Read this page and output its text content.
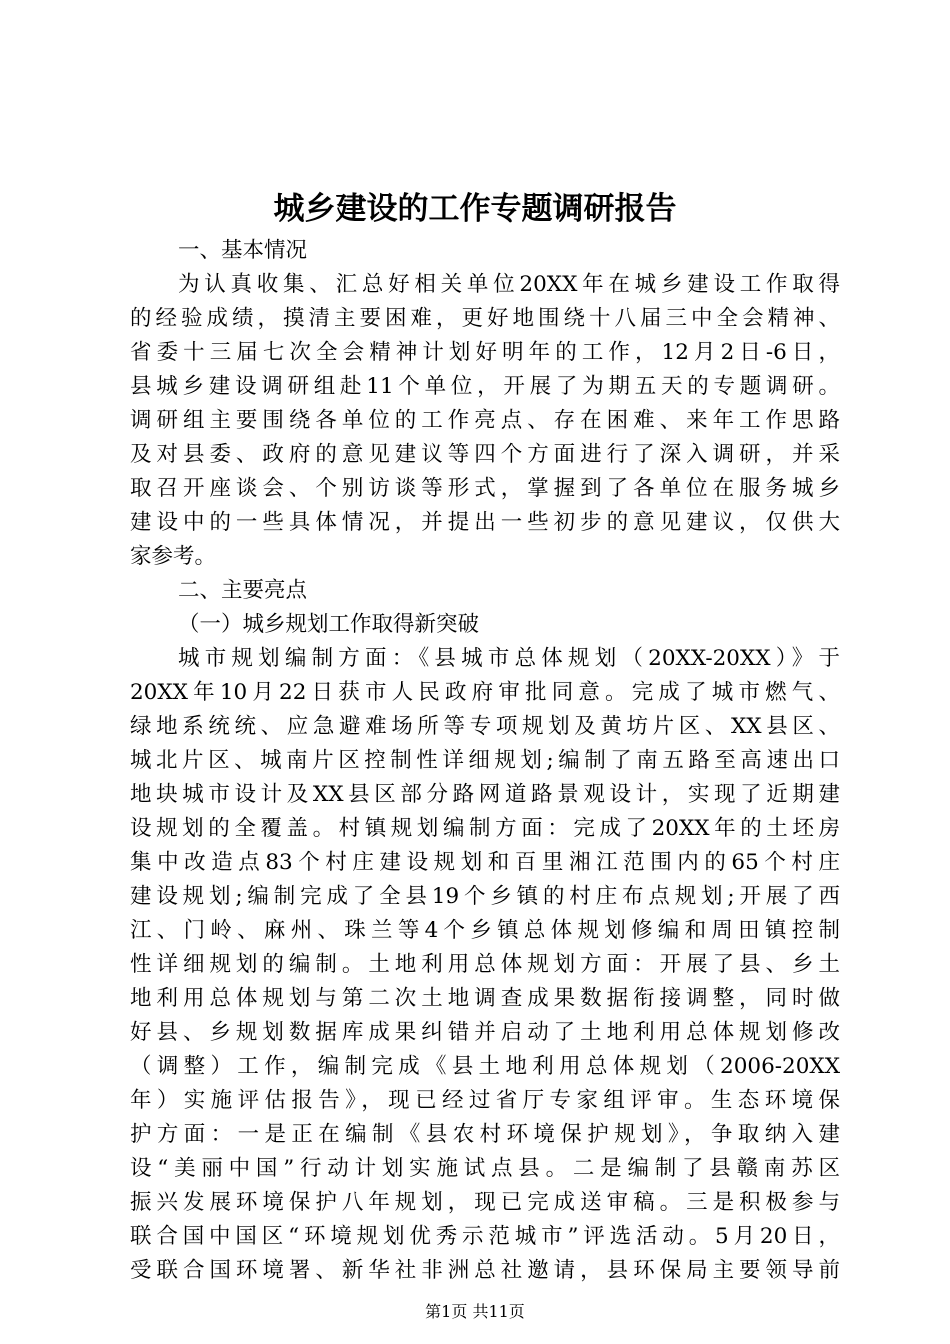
城乡建设的工作专题调研报告
一、基本情况
为认真收集、汇总好相关单位20XX年在城乡建设工作取得
的经验成绩，摸清主要困难，更好地围绕十八届三中全会精神、
省委十三届七次全会精神计划好明年的工作，12月2日-6日，
县城乡建设调研组赴11个单位，开展了为期五天的专题调研。
调研组主要围绕各单位的工作亮点、存在困难、来年工作思路
及对县委、政府的意见建议等四个方面进行了深入调研，并采
取召开座谈会、个别访谈等形式，掌握到了各单位在服务城乡
建设中的一些具体情况，并提出一些初步的意见建议，仅供大
家参考。
二、主要亮点
（一）城乡规划工作取得新突破
城市规划编制方面：《县城市总体规划（20XX-20XX）》于
20XX年10月22日获市人民政府审批同意。完成了城市燃气、
绿地系统统、应急避难场所等专项规划及黄坊片区、XX县区、
城北片区、城南片区控制性详细规划;编制了南五路至高速出口
地块城市设计及XX县区部分路网道路景观设计，实现了近期建
设规划的全覆盖。村镇规划编制方面：完成了20XX年的土坯房
集中改造点83个村庄建设规划和百里湘江范围内的65个村庄
建设规划;编制完成了全县19个乡镇的村庄布点规划;开展了西
江、门岭、麻州、珠兰等4个乡镇总体规划修编和周田镇控制
性详细规划的编制。土地利用总体规划方面：开展了县、乡土
地利用总体规划与第二次土地调查成果数据衔接调整，同时做
好县、乡规划数据库成果纠错并启动了土地利用总体规划修改
（调整）工作，编制完成《县土地利用总体规划（2006-20XX
年）实施评估报告》，现已经过省厅专家组评审。生态环境保
护方面：一是正在编制《县农村环境保护规划》，争取纳入建
设“美丽中国”行动计划实施试点县。二是编制了县赣南苏区
振兴发展环境保护八年规划，现已完成送审稿。三是积极参与
联合国中国区“环境规划优秀示范城市”评选活动。5月20日，
受联合国环境署、新华社非洲总社邀请，县环保局主要领导前
第1页 共11页
